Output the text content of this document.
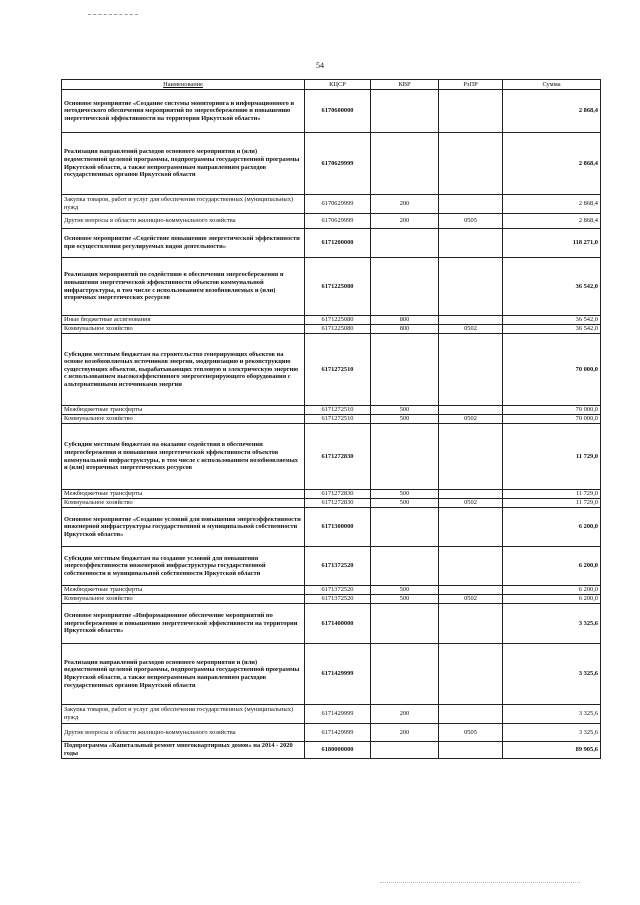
54
Наименование	КЦСР	КВР	РзПР	Сумма
Основное мероприятие «Создание системы мониторинга и информационного и методического обеспечения мероприятий по энергосбережению и повышению энергетической эффективности на территории Иркутской области»	6170600000			2 868,4
Реализация направлений расходов основного мероприятия и (или) ведомственной целевой программы, подпрограммы государственной программы Иркутской области, а также непрограммным направлениям расходов государственных органов Иркутской области	6170629999			2 868,4
Закупка товаров, работ и услуг для обеспечения государственных (муниципальных) нужд	6170629999	200		2 868,4
Другие вопросы в области жилищно-коммунального хозяйства	6170629999	200	0505	2 868,4
Основное мероприятие «Содействие повышению энергетической эффективности при осуществлении регулируемых видов деятельности»	6171200000			118 271,0
Реализация мероприятий по содействию в обеспечении энергосбережения и повышения энергетической эффективности объектов коммунальной инфраструктуры, в том числе с использованием возобновляемых и (или) вторичных энергетических ресурсов	6171225080			36 542,0
Иные бюджетные ассигнования	6171225080	800		36 542,0
Коммунальное хозяйство	6171225080	800	0502	36 542,0
Субсидии местным бюджетам на строительство генерирующих объектов на основе возобновляемых источников энергии, модернизацию и реконструкцию существующих объектов, вырабатывающих тепловую и электрическую энергию с использованием высокоэффективного энергогенерирующего оборудования с альтернативными источниками энергии	6171272510			70 000,0
Межбюджетные трансферты	6171272510	500		70 000,0
Коммунальное хозяйство	6171272510	500	0502	70 000,0
Субсидии местным бюджетам на оказание содействия в обеспечении энергосбережения и повышения энергетической эффективности объектов коммунальной инфраструктуры, в том числе с использованием возобновляемых и (или) вторичных энергетических ресурсов	6171272830			11 729,0
Межбюджетные трансферты	6171272830	500		11 729,0
Коммунальное хозяйство	6171272830	500	0502	11 729,0
Основное мероприятие «Создание условий для повышения энергоэффективности инженерной инфраструктуры государственной и муниципальной собственности Иркутской области»	6171300000			6 200,0
Субсидии местным бюджетам на создание условий для повышения энергоэффективности инженерной инфраструктуры государственной собственности и муниципальной собственности Иркутской области	6171372520			6 200,0
Межбюджетные трансферты	6171372520	500		6 200,0
Коммунальное хозяйство	6171372520	500	0502	6 200,0
Основное мероприятие «Информационное обеспечение мероприятий по энергосбережению и повышению энергетической эффективности на территории Иркутской области»	6171400000			3 325,6
Реализация направлений расходов основного мероприятия и (или) ведомственной целевой программы, подпрограммы государственной программы Иркутской области, а также непрограммным направлениям расходов государственных органов Иркутской области	6171429999			3 325,6
Закупка товаров, работ и услуг для обеспечения государственных (муниципальных) нужд	6171429999	200		3 325,6
Другие вопросы в области жилищно-коммунального хозяйства	6171429999	200	0505	3 325,6
Подпрограмма «Капитальный ремонт многоквартирных домов» на 2014 - 2020 годы	6180000000			89 905,6
